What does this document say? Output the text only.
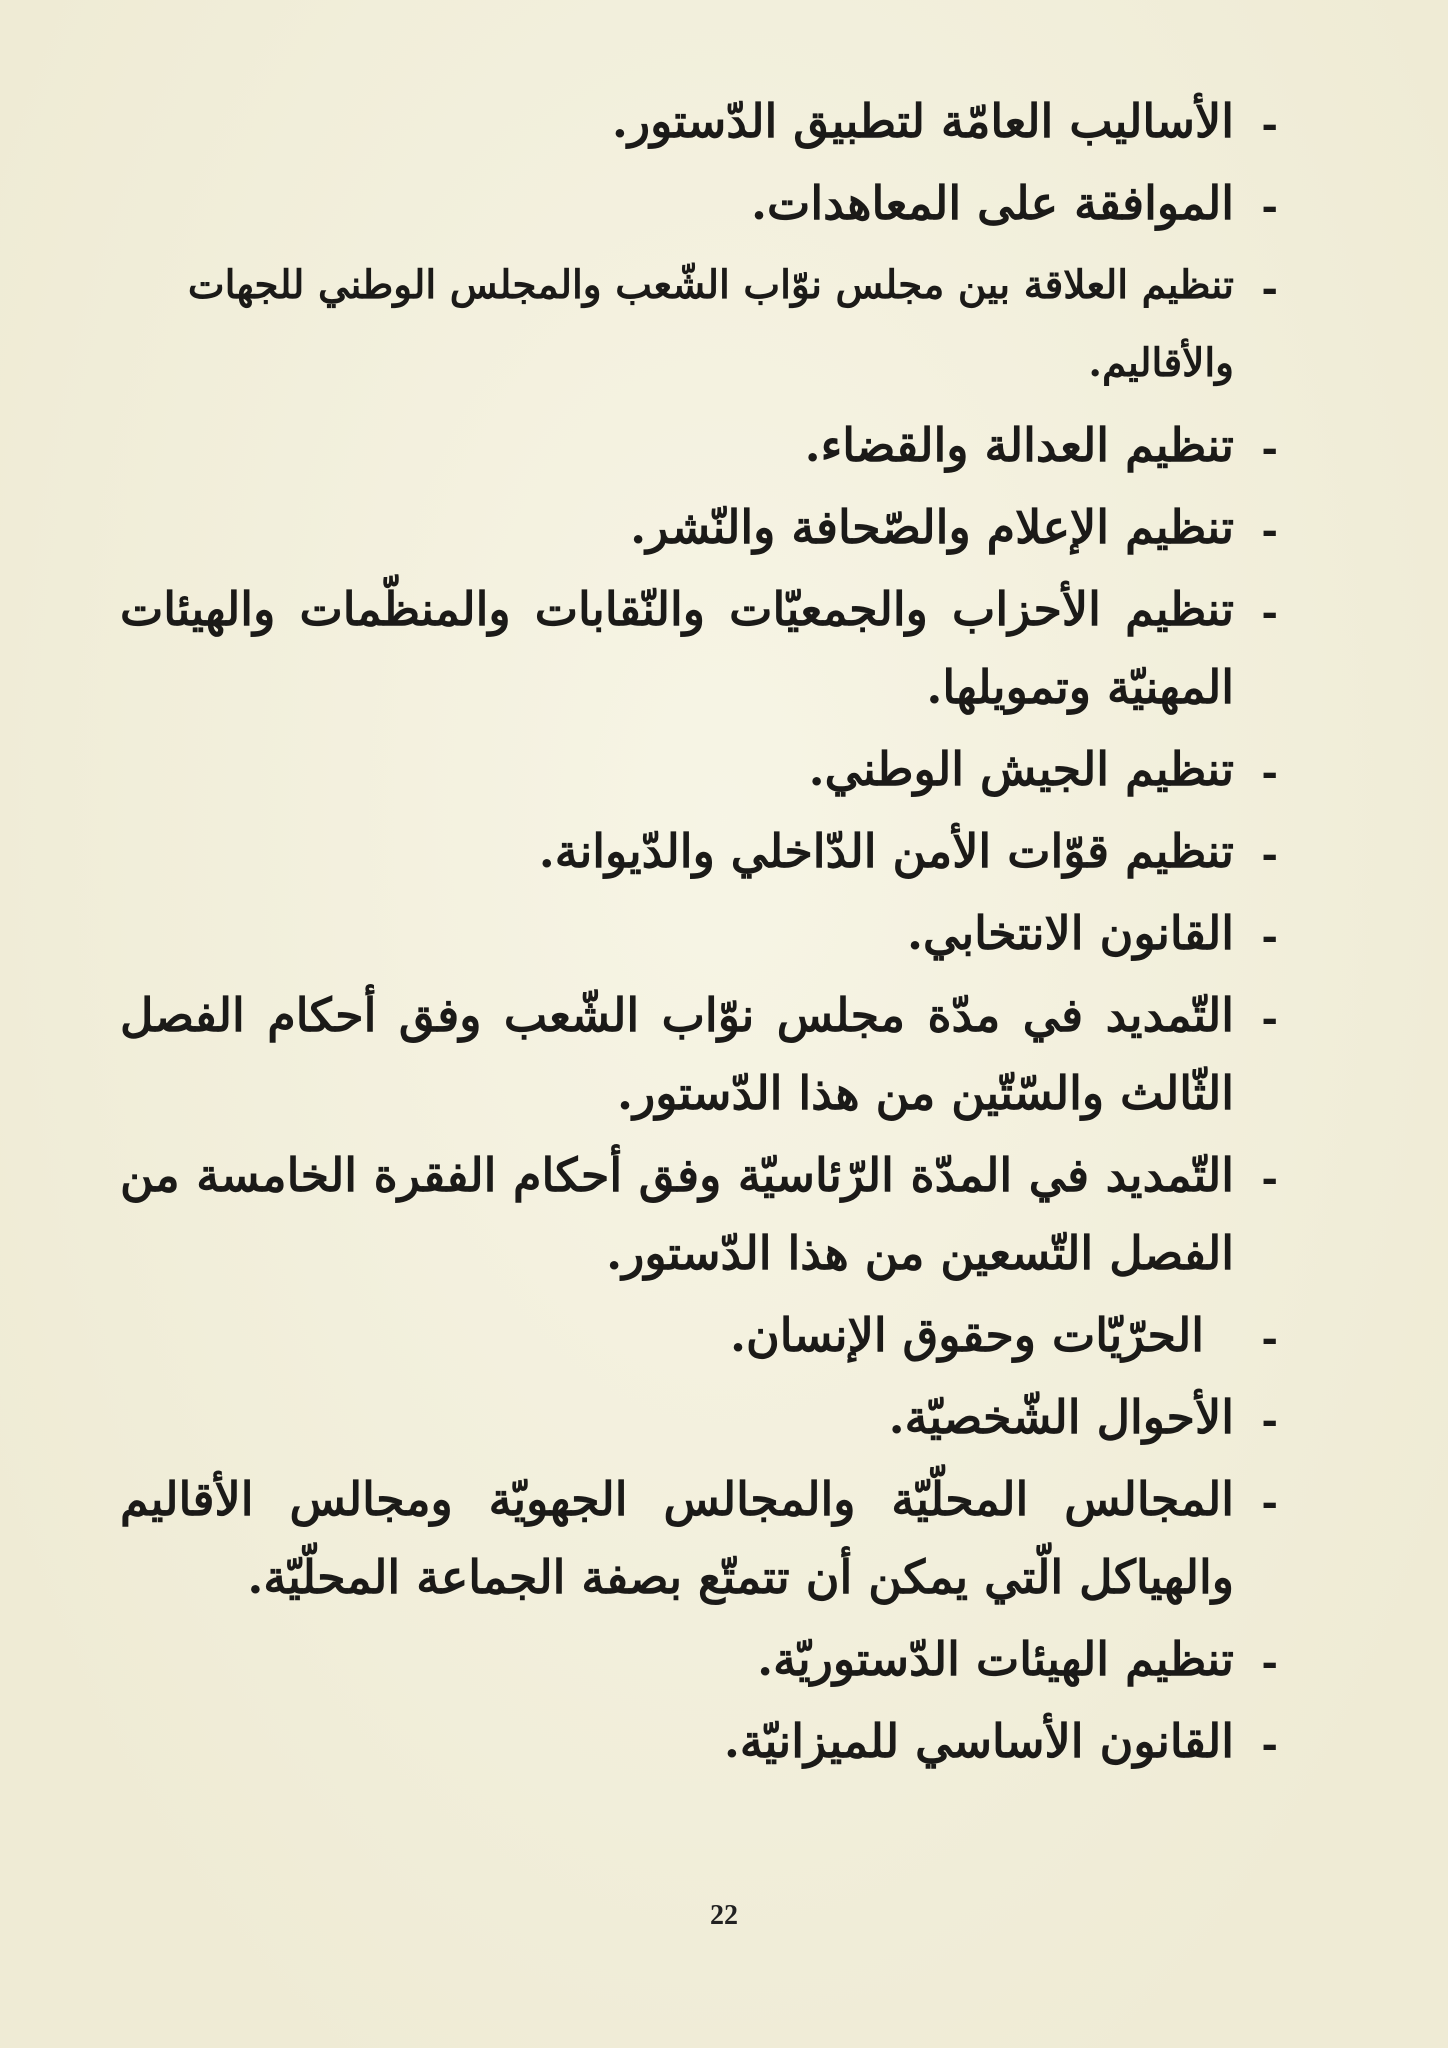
-
الأساليب العامّة لتطبيق الدّستور.
-
الموافقة على المعاهدات.
-
تنظيم العلاقة بين مجلس نوّاب الشّعب والمجلس الوطني للجهات والأقاليم.
-
تنظيم العدالة والقضاء.
-
تنظيم الإعلام والصّحافة والنّشر.
-
تنظيم الأحزاب والجمعيّات والنّقابات والمنظّمات والهيئات المهنيّة وتمويلها.
-
تنظيم الجيش الوطني.
-
تنظيم قوّات الأمن الدّاخلي والدّيوانة.
-
القانون الانتخابي.
-
التّمديد في مدّة مجلس نوّاب الشّعب وفق أحكام الفصل الثّالث والسّتّين من هذا الدّستور.
-
التّمديد في المدّة الرّئاسيّة وفق أحكام الفقرة الخامسة من الفصل التّسعين من هذا الدّستور.
-
الحرّيّات وحقوق الإنسان.
-
الأحوال الشّخصيّة.
-
المجالس المحلّيّة والمجالس الجهويّة ومجالس الأقاليم والهياكل الّتي يمكن أن تتمتّع بصفة الجماعة المحلّيّة.
-
تنظيم الهيئات الدّستوريّة.
-
القانون الأساسي للميزانيّة.
22
